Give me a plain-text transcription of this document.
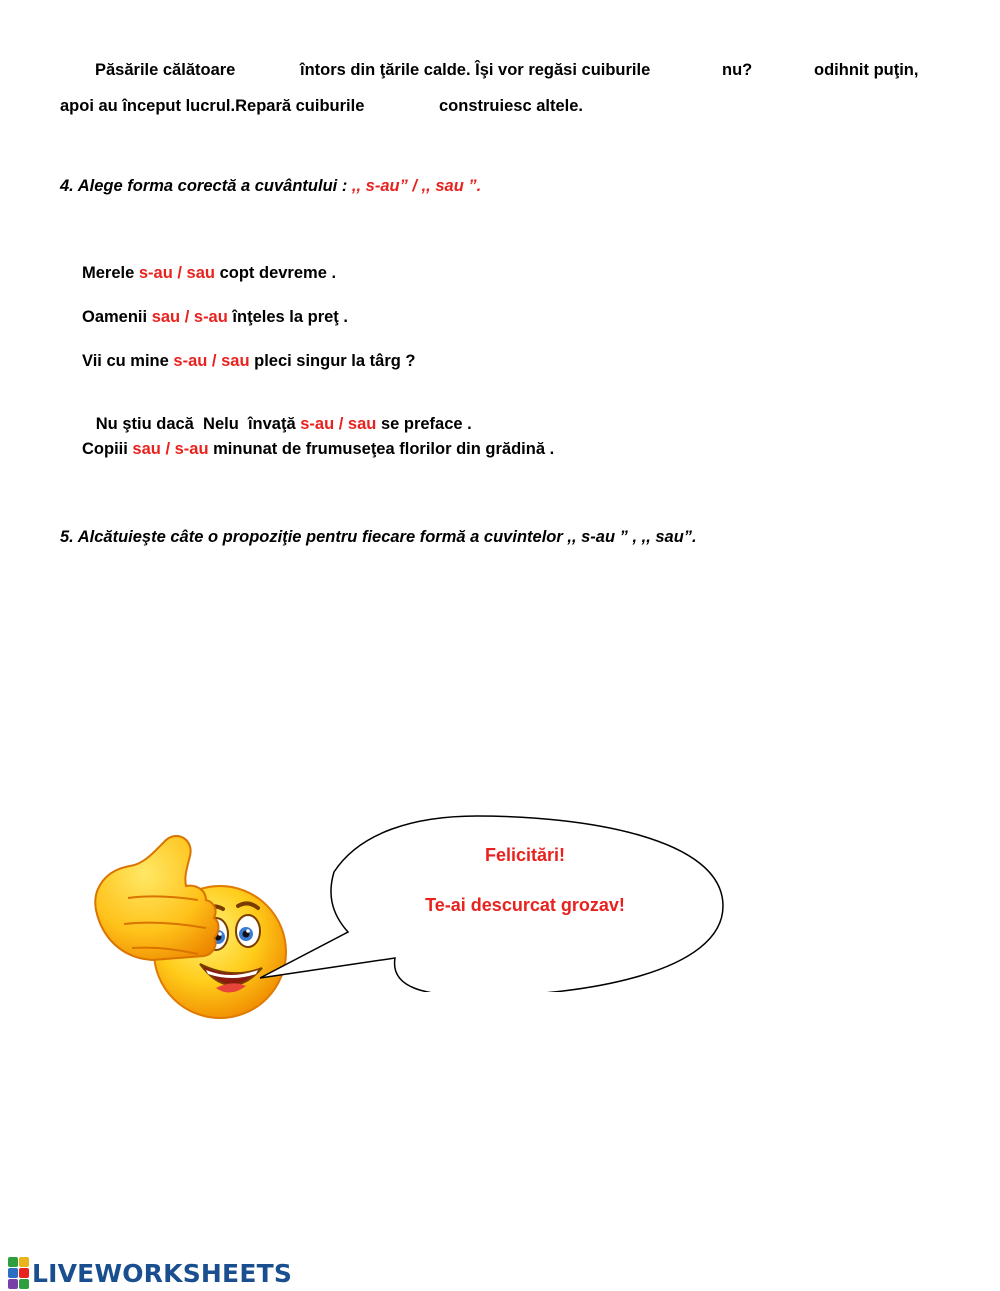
Păsările călătoare	întors din ţările calde. Îşi vor regăsi cuiburile	nu?	odihnit puţin,
apoi au început lucrul.Repară cuiburile	construiesc altele.
4. Alege forma corectă a cuvântului : ,, s-au” / ,, sau ”.
Merele s-au / sau copt devreme .
Oamenii sau / s-au înţeles la preţ .
Vii cu mine s-au / sau pleci singur la târg ?

Nu ştiu dacă  Nelu  învaţă s-au / sau se preface .

Copiii sau / s-au minunat de frumuseţea florilor din grădină .
5. Alcătuieşte câte o propoziţie pentru fiecare formă a cuvintelor ,, s-au ” , ,, sau”.
Felicitări!
Te-ai descurcat grozav!
LIVEWORKSHEETS
